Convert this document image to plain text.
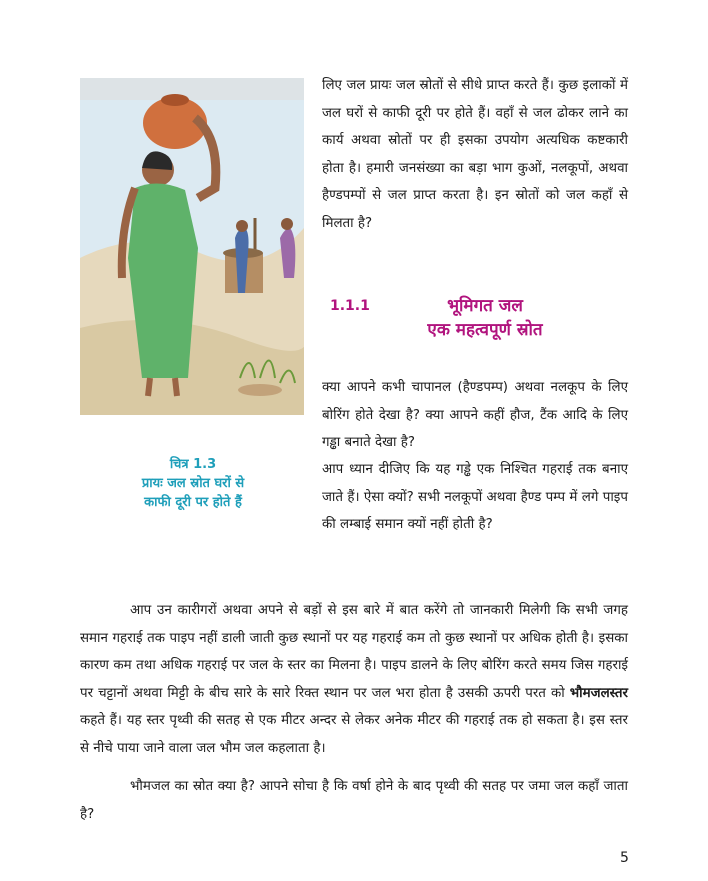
चित्र 1.3
प्रायः जल स्रोत घरों से
काफी दूरी पर होते हैं

लिए जल प्रायः जल स्रोतों से सीधे प्राप्त करते हैं। कुछ इलाकों में जल घरों से काफी दूरी पर होते हैं। वहाँ से जल ढोकर लाने का कार्य अथवा स्रोतों पर ही इसका उपयोग अत्यधिक कष्टकारी होता है। हमारी जनसंख्या का बड़ा भाग कुओं, नलकूपों, अथवा हैण्डपम्पों से जल प्राप्त करता है। इन स्रोतों को जल कहाँ से मिलता है?

1.1.1	भूमिगत जल
एक महत्वपूर्ण स्रोत

क्या आपने कभी चापानल (हैण्डपम्प) अथवा नलकूप के लिए बोरिंग होते देखा है? क्या आपने कहीं हौज, टैंक आदि के लिए गड्ढा बनाते देखा है?

आप ध्यान दीजिए कि यह गड्ढे एक निश्चित गहराई तक बनाए जाते हैं। ऐसा क्यों? सभी नलकूपों अथवा हैण्ड पम्प में लगे पाइप की लम्बाई समान क्यों नहीं होती है?

आप उन कारीगरों अथवा अपने से बड़ों से इस बारे में बात करेंगे तो जानकारी मिलेगी कि सभी जगह समान गहराई तक पाइप नहीं डाली जाती कुछ स्थानों पर यह गहराई कम तो कुछ स्थानों पर अधिक होती है। इसका कारण कम तथा अधिक गहराई पर जल के स्तर का मिलना है। पाइप डालने के लिए बोरिंग करते समय जिस गहराई पर चट्टानों अथवा मिट्टी के बीच सारे के सारे रिक्त स्थान पर जल भरा होता है उसकी ऊपरी परत को भौमजलस्तर कहते हैं। यह स्तर पृथ्वी की सतह से एक मीटर अन्दर से लेकर अनेक मीटर की गहराई तक हो सकता है। इस स्तर से नीचे पाया जाने वाला जल भौम जल कहलाता है।

भौमजल का स्रोत क्या है? आपने सोचा है कि वर्षा होने के बाद पृथ्वी की सतह पर जमा जल कहाँ जाता है?

5
